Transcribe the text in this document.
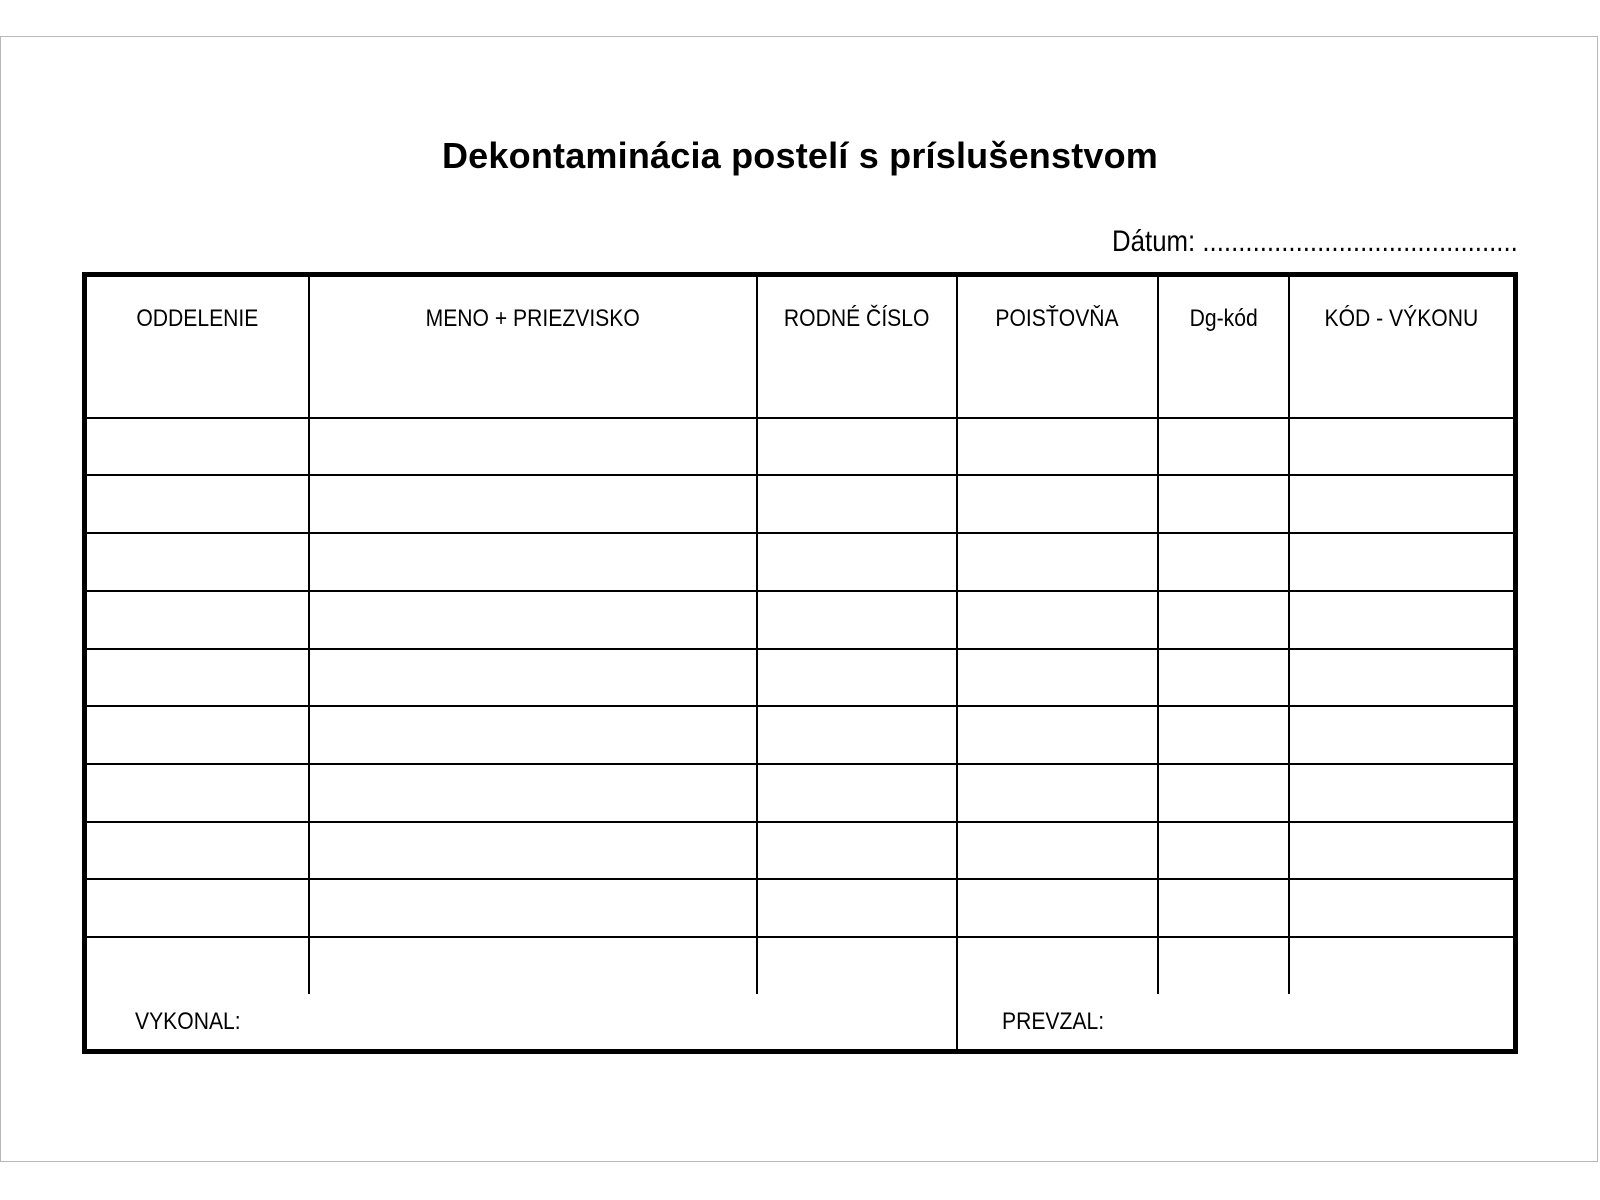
Dekontaminácia postelí s príslušenstvom
Dátum: ............................................
ODDELENIE	MENO + PRIEZVISKO	RODNÉ ČÍSLO	POISŤOVŇA	Dg-kód	KÓD - VÝKONU

VYKONAL:			PREVZAL:		
